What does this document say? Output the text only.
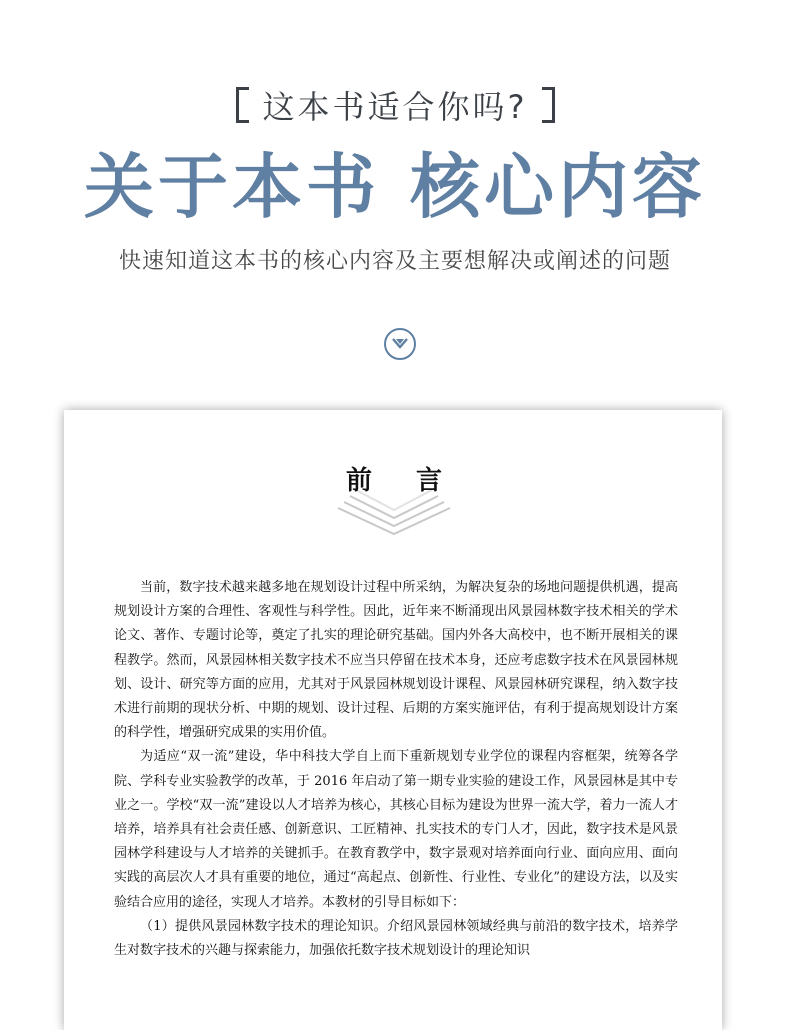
这本书适合你吗?
关于本书 核心内容
快速知道这本书的核心内容及主要想解决或阐述的问题
前 言

当前，数字技术越来越多地在规划设计过程中所采纳，为解决复杂的场地问题提供机遇，提高规划设计方案的合理性、客观性与科学性。因此，近年来不断涌现出风景园林数字技术相关的学术论文、著作、专题讨论等，奠定了扎实的理论研究基础。国内外各大高校中，也不断开展相关的课程教学。然而，风景园林相关数字技术不应当只停留在技术本身，还应考虑数字技术在风景园林规划、设计、研究等方面的应用，尤其对于风景园林规划设计课程、风景园林研究课程，纳入数字技术进行前期的现状分析、中期的规划、设计过程、后期的方案实施评估，有利于提高规划设计方案的科学性，增强研究成果的实用价值。

为适应“双一流”建设，华中科技大学自上而下重新规划专业学位的课程内容框架，统筹各学院、学科专业实验教学的改革，于 2016 年启动了第一期专业实验的建设工作，风景园林是其中专业之一。学校“双一流”建设以人才培养为核心，其核心目标为建设为世界一流大学，着力一流人才培养，培养具有社会责任感、创新意识、工匠精神、扎实技术的专门人才，因此，数字技术是风景园林学科建设与人才培养的关键抓手。在教育教学中，数字景观对培养面向行业、面向应用、面向实践的高层次人才具有重要的地位，通过“高起点、创新性、行业性、专业化”的建设方法，以及实验结合应用的途径，实现人才培养。本教材的引导目标如下：

（1）提供风景园林数字技术的理论知识。介绍风景园林领域经典与前沿的数字技术，培养学生对数字技术的兴趣与探索能力，加强依托数字技术规划设计的理论知识
